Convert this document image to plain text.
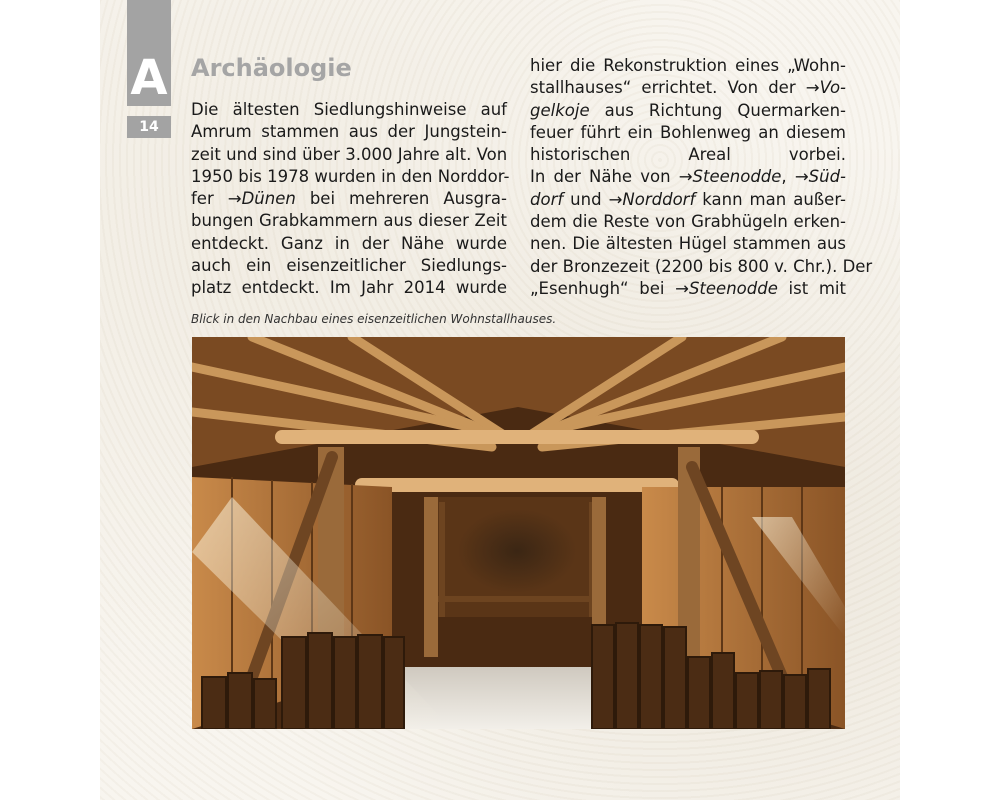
A
14
Archäologie
Die ältesten Siedlungshinweise auf
Amrum stammen aus der Jungstein-
zeit und sind über 3.000 Jahre alt. Von
1950 bis 1978 wurden in den Norddor-
fer →Dünen bei mehreren Ausgra-
bungen Grabkammern aus dieser Zeit
entdeckt. Ganz in der Nähe wurde
auch ein eisenzeitlicher Siedlungs-
platz entdeckt. Im Jahr 2014 wurde
hier die Rekonstruktion eines „Wohn-
stallhauses“ errichtet. Von der →Vo-
gelkoje aus Richtung Quermarken-
feuer führt ein Bohlenweg an diesem
historischen Areal vorbei.
In der Nähe von →Steenodde, →Süd-
dorf und →Norddorf kann man außer-
dem die Reste von Grabhügeln erken-
nen. Die ältesten Hügel stammen aus
der Bronzezeit (2200 bis 800 v. Chr.). Der
„Esenhugh“ bei →Steenodde ist mit
Blick in den Nachbau eines eisenzeitlichen Wohnstallhauses.
